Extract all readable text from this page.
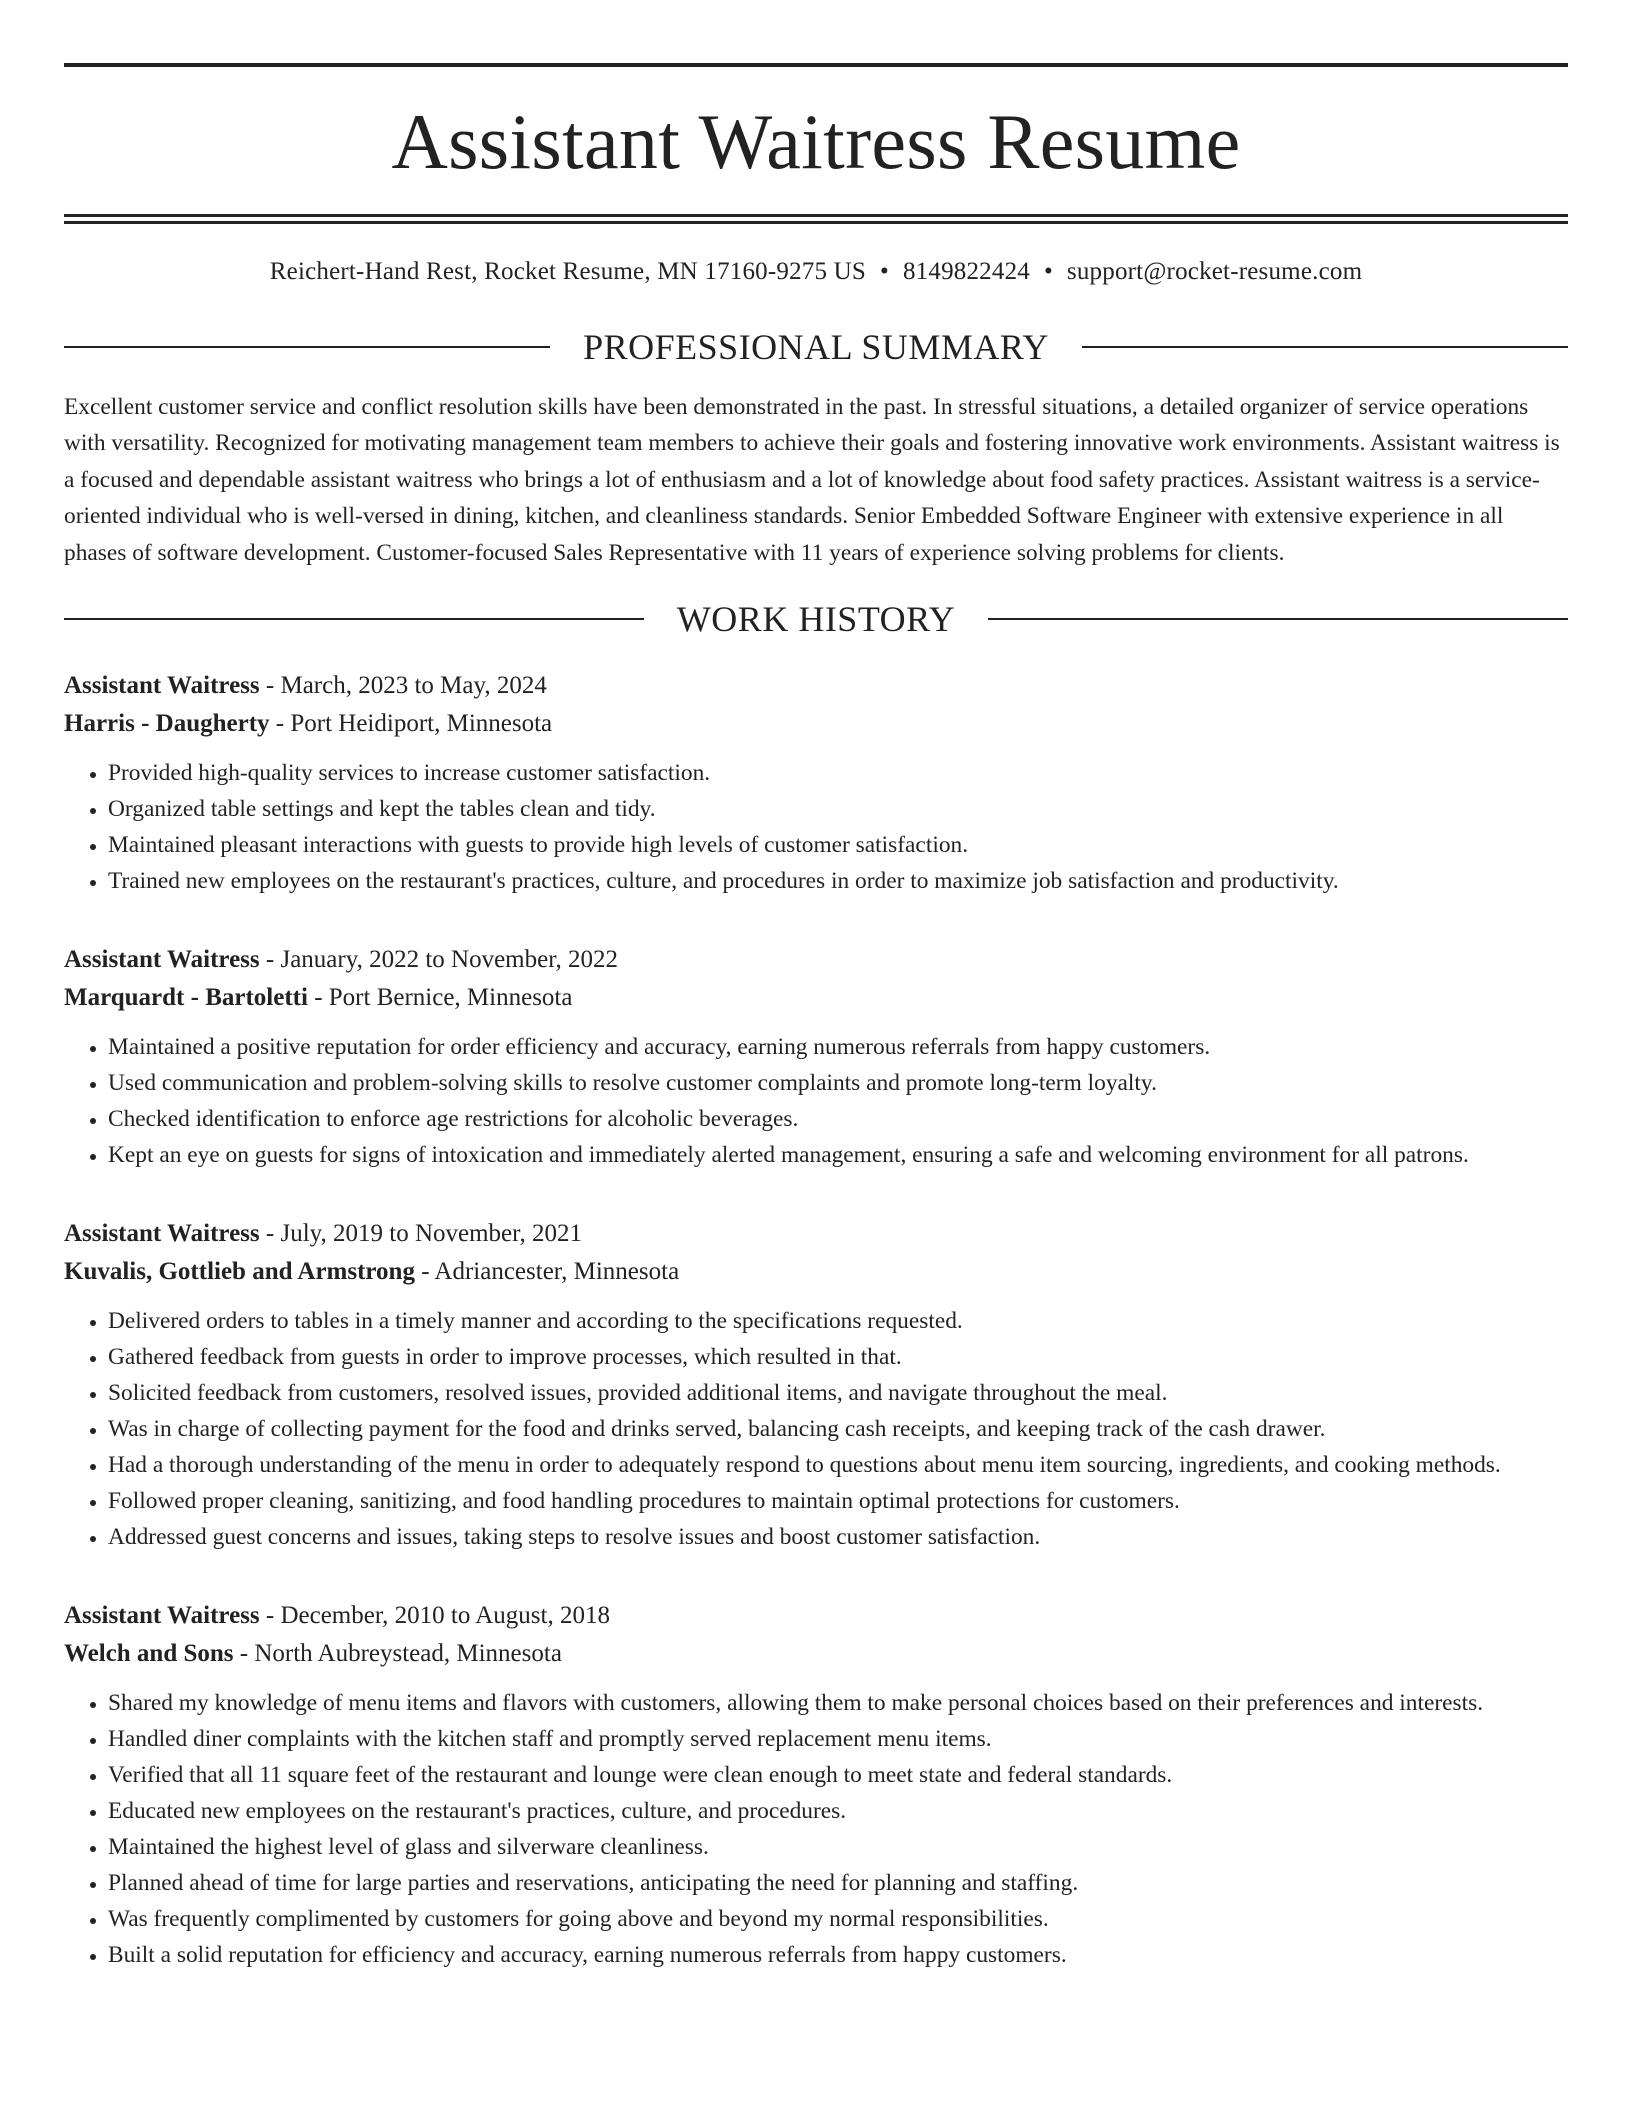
Assistant Waitress Resume
Reichert-Hand Rest, Rocket Resume, MN 17160-9275 US • 8149822424 • support@rocket-resume.com
PROFESSIONAL SUMMARY

Excellent customer service and conflict resolution skills have been demonstrated in the past. In stressful situations, a detailed organizer of service operations with versatility. Recognized for motivating management team members to achieve their goals and fostering innovative work environments. Assistant waitress is a focused and dependable assistant waitress who brings a lot of enthusiasm and a lot of knowledge about food safety practices. Assistant waitress is a service-oriented individual who is well-versed in dining, kitchen, and cleanliness standards. Senior Embedded Software Engineer with extensive experience in all phases of software development. Customer-focused Sales Representative with 11 years of experience solving problems for clients.

WORK HISTORY
Assistant Waitress - March, 2023 to May, 2024
Harris - Daugherty - Port Heidiport, Minnesota
• Provided high-quality services to increase customer satisfaction.
• Organized table settings and kept the tables clean and tidy.
• Maintained pleasant interactions with guests to provide high levels of customer satisfaction.
• Trained new employees on the restaurant's practices, culture, and procedures in order to maximize job satisfaction and productivity.
Assistant Waitress - January, 2022 to November, 2022
Marquardt - Bartoletti - Port Bernice, Minnesota
• Maintained a positive reputation for order efficiency and accuracy, earning numerous referrals from happy customers.
• Used communication and problem-solving skills to resolve customer complaints and promote long-term loyalty.
• Checked identification to enforce age restrictions for alcoholic beverages.
• Kept an eye on guests for signs of intoxication and immediately alerted management, ensuring a safe and welcoming environment for all patrons.
Assistant Waitress - July, 2019 to November, 2021
Kuvalis, Gottlieb and Armstrong - Adriancester, Minnesota
• Delivered orders to tables in a timely manner and according to the specifications requested.
• Gathered feedback from guests in order to improve processes, which resulted in that.
• Solicited feedback from customers, resolved issues, provided additional items, and navigate throughout the meal.
• Was in charge of collecting payment for the food and drinks served, balancing cash receipts, and keeping track of the cash drawer.
• Had a thorough understanding of the menu in order to adequately respond to questions about menu item sourcing, ingredients, and cooking methods.
• Followed proper cleaning, sanitizing, and food handling procedures to maintain optimal protections for customers.
• Addressed guest concerns and issues, taking steps to resolve issues and boost customer satisfaction.
Assistant Waitress - December, 2010 to August, 2018
Welch and Sons - North Aubreystead, Minnesota
• Shared my knowledge of menu items and flavors with customers, allowing them to make personal choices based on their preferences and interests.
• Handled diner complaints with the kitchen staff and promptly served replacement menu items.
• Verified that all 11 square feet of the restaurant and lounge were clean enough to meet state and federal standards.
• Educated new employees on the restaurant's practices, culture, and procedures.
• Maintained the highest level of glass and silverware cleanliness.
• Planned ahead of time for large parties and reservations, anticipating the need for planning and staffing.
• Was frequently complimented by customers for going above and beyond my normal responsibilities.
• Built a solid reputation for efficiency and accuracy, earning numerous referrals from happy customers.
